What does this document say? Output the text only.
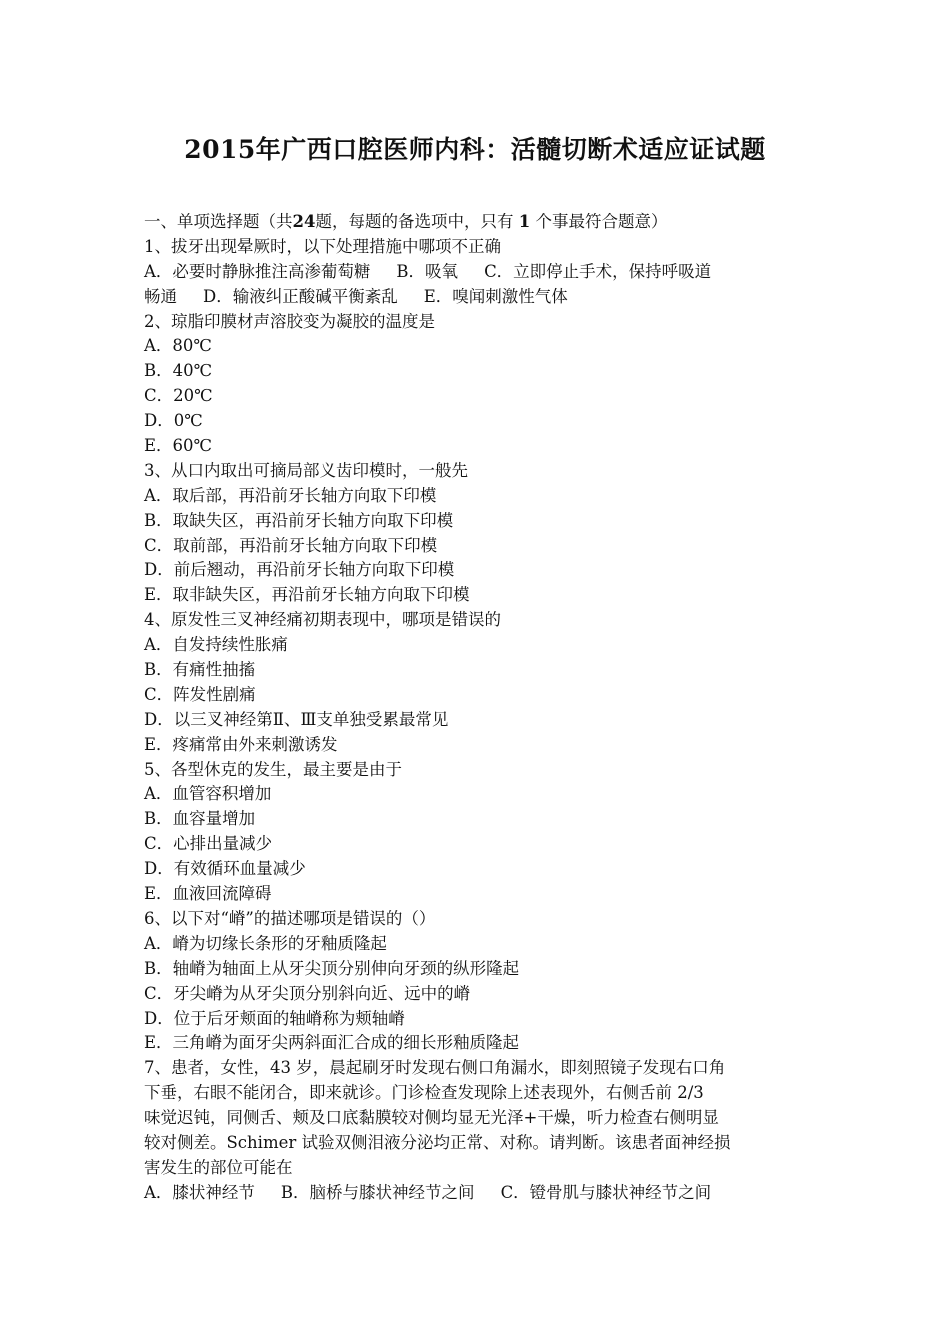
2015年广西口腔医师内科：活髓切断术适应证试题
一、单项选择题（共24题，每题的备选项中，只有 1 个事最符合题意）
1、拔牙出现晕厥时，以下处理措施中哪项不正确
A．必要时静脉推注高渗葡萄糖 B．吸氧 C．立即停止手术，保持呼吸道
畅通 D．输液纠正酸碱平衡紊乱 E．嗅闻刺激性气体
2、琼脂印膜材声溶胶变为凝胶的温度是
A．80℃
B．40℃
C．20℃
D．0℃
E．60℃
3、从口内取出可摘局部义齿印模时，一般先
A．取后部，再沿前牙长轴方向取下印模
B．取缺失区，再沿前牙长轴方向取下印模
C．取前部，再沿前牙长轴方向取下印模
D．前后翘动，再沿前牙长轴方向取下印模
E．取非缺失区，再沿前牙长轴方向取下印模
4、原发性三叉神经痛初期表现中，哪项是错误的
A．自发持续性胀痛
B．有痛性抽搐
C．阵发性剧痛
D．以三叉神经第Ⅱ、Ⅲ支单独受累最常见
E．疼痛常由外来刺激诱发
5、各型休克的发生，最主要是由于
A．血管容积增加
B．血容量增加
C．心排出量减少
D．有效循环血量减少
E．血液回流障碍
6、以下对“嵴”的描述哪项是错误的（）
A．嵴为切缘长条形的牙釉质隆起
B．轴嵴为轴面上从牙尖顶分别伸向牙颈的纵形隆起
C．牙尖嵴为从牙尖顶分别斜向近、远中的嵴
D．位于后牙颊面的轴嵴称为颊轴嵴
E．三角嵴为面牙尖两斜面汇合成的细长形釉质隆起
7、患者，女性，43 岁，晨起刷牙时发现右侧口角漏水，即刻照镜子发现右口角
下垂，右眼不能闭合，即来就诊。门诊检查发现除上述表现外，右侧舌前 2/3
味觉迟钝，同侧舌、颊及口底黏膜较对侧均显无光泽+干燥，听力检查右侧明显
较对侧差。Schimer 试验双侧泪液分泌均正常、对称。请判断。该患者面神经损
害发生的部位可能在
A．膝状神经节 B．脑桥与膝状神经节之间 C．镫骨肌与膝状神经节之间
